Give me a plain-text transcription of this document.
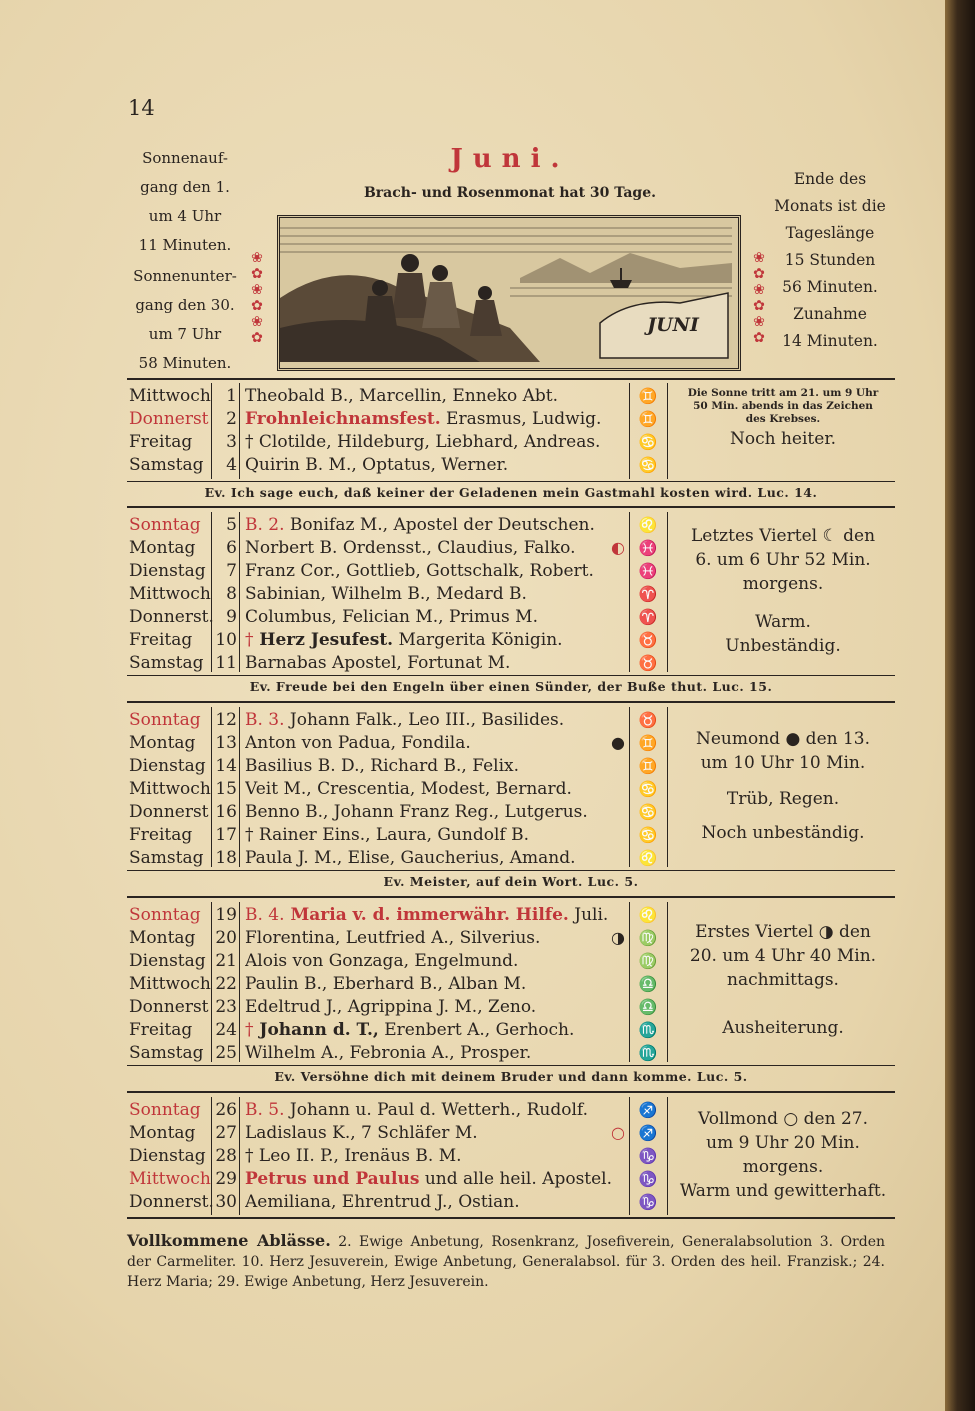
14
Sonnenauf-
gang den 1.
um 4 Uhr
11 Minuten.
Sonnenunter-
gang den 30.
um 7 Uhr
58 Minuten.
Ende des
Monats ist die
Tageslänge
15 Stunden
56 Minuten.
Zunahme
14 Minuten.
Juni.
Brach- und Rosenmonat hat 30 Tage.
❀
✿
❀
✿
❀
✿
❀
✿
❀
✿
❀
✿
JUNI
Mittwoch 1 Theobald B., Marcellin, Enneko Abt.	♊
Donnerst	2 Frohnleichnamsfest. Erasmus, Ludwig.	♊
Freitag	3 † Clotilde, Hildeburg, Liebhard, Andreas.	♋
Samstag	4 Quirin B. M., Optatus, Werner.	♋
Die Sonne tritt am 21. um 9 Uhr
50 Min. abends in das Zeichen
des Krebses.
Noch heiter.
Ev. Ich sage euch, daß keiner der Geladenen mein Gastmahl kosten wird. Luc. 14.
Sonntag	5 B. 2. Bonifaz M., Apostel der Deutschen.	♌
Montag	6 Norbert B. Ordensst., Claudius, Falko.	◐ ♓
Dienstag	7 Franz Cor., Gottlieb, Gottschalk, Robert.	♓
Mittwoch 8 Sabinian, Wilhelm B., Medard B.	♈
Donnerst. 9 Columbus, Felician M., Primus M.	♈
Freitag	10 † Herz Jesufest. Margerita Königin.	♉
Samstag 11 Barnabas Apostel, Fortunat M.	♉
Letztes Viertel ☾ den
6. um 6 Uhr 52 Min.
morgens.
Warm.
Unbeständig.
Ev. Freude bei den Engeln über einen Sünder, der Buße thut. Luc. 15.
Sonntag 12 B. 3. Johann Falk., Leo III., Basilides.	♉
Montag	13 Anton von Padua, Fondila.	● ♊
Dienstag 14 Basilius B. D., Richard B., Felix.	♊
Mittwoch 15 Veit M., Crescentia, Modest, Bernard.	♋
Donnerst 16 Benno B., Johann Franz Reg., Lutgerus.	♋
Freitag	17 † Rainer Eins., Laura, Gundolf B.	♋
Samstag 18 Paula J. M., Elise, Gaucherius, Amand.	♌
Neumond ● den 13.
um 10 Uhr 10 Min.
Trüb, Regen.
Noch unbeständig.
Ev. Meister, auf dein Wort. Luc. 5.
Sonntag 19 B. 4. Maria v. d. immerwähr. Hilfe. Juli.	♌
Montag	20 Florentina, Leutfried A., Silverius.	◑ ♍
Dienstag 21 Alois von Gonzaga, Engelmund.	♍
Mittwoch 22 Paulin B., Eberhard B., Alban M.	♎
Donnerst 23 Edeltrud J., Agrippina J. M., Zeno.	♎
Freitag	24 † Johann d. T., Erenbert A., Gerhoch.	♏
Samstag 25 Wilhelm A., Febronia A., Prosper.	♏
Erstes Viertel ◑ den
20. um 4 Uhr 40 Min.
nachmittags.
Ausheiterung.
Ev. Versöhne dich mit deinem Bruder und dann komme. Luc. 5.
Sonntag 26 B. 5. Johann u. Paul d. Wetterh., Rudolf.	♐
Montag	27 Ladislaus K., 7 Schläfer M.	○ ♐
Dienstag 28 † Leo II. P., Irenäus B. M.	♑
Mittwoch 29 Petrus und Paulus und alle heil. Apostel.	♑
Donnerst. 30 Aemiliana, Ehrentrud J., Ostian.	♑
Vollmond ○ den 27.
um 9 Uhr 20 Min.
morgens.
Warm und gewitterhaft.
Vollkommene Ablässe. 2. Ewige Anbetung, Rosenkranz, Josefiverein, Generalabsolution 3. Orden der Carmeliter. 10. Herz Jesuverein, Ewige Anbetung, Generalabsol. für 3. Orden des heil. Franzisk.; 24. Herz Maria; 29. Ewige Anbetung, Herz Jesuverein.
